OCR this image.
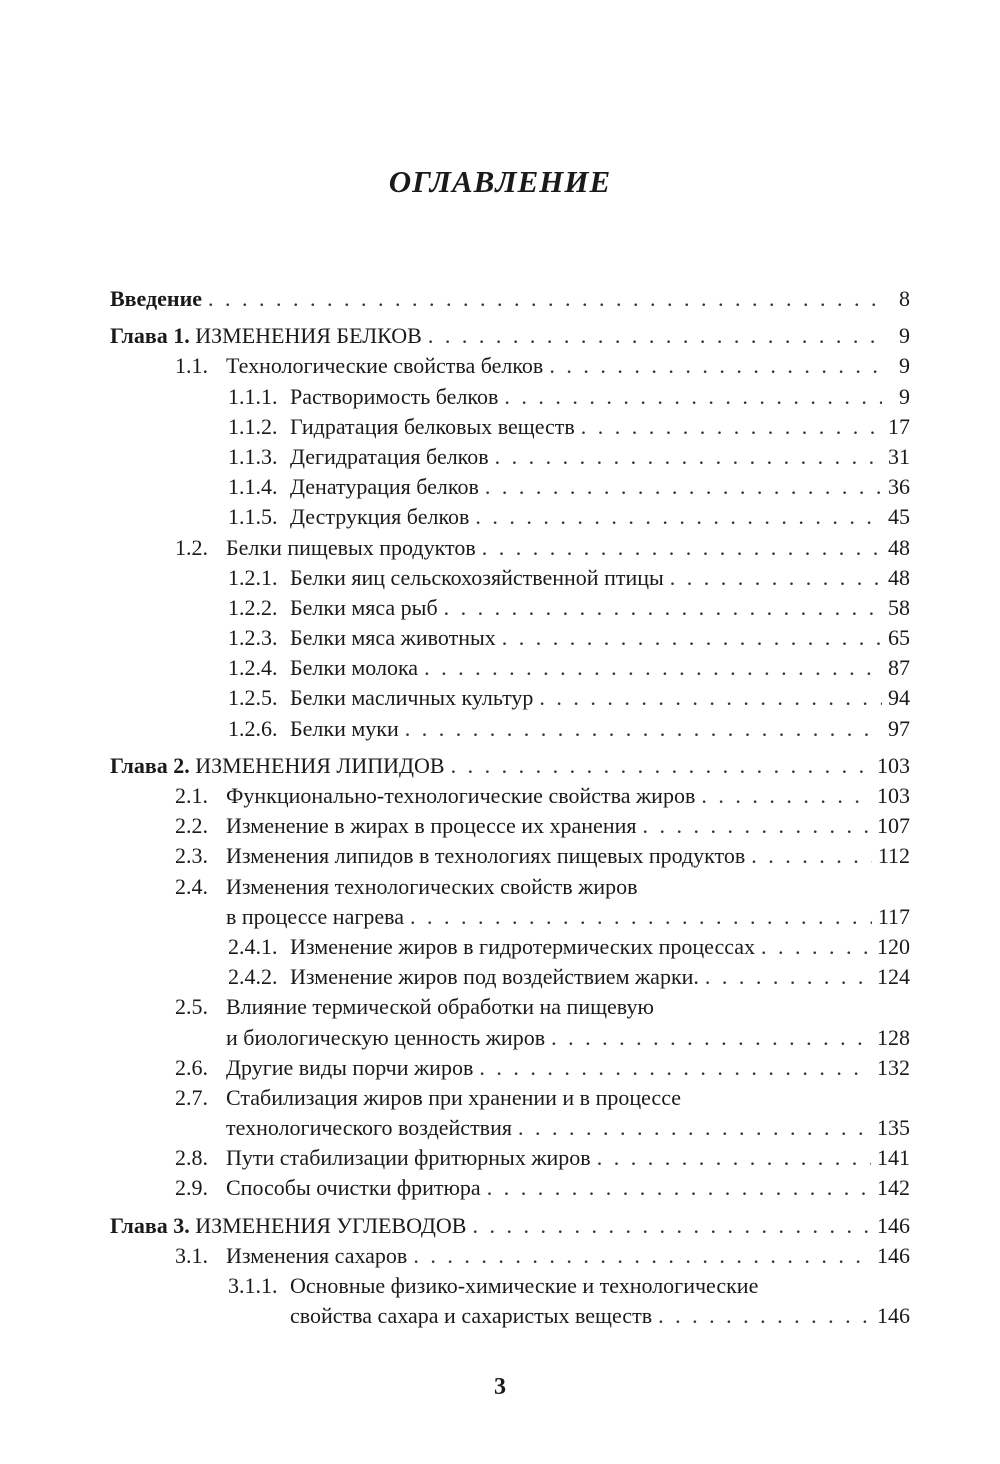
ОГЛАВЛЕНИЕ
Введение . . .	8
Глава 1. ИЗМЕНЕНИЯ БЕЛКОВ . . .	9
1.1. Технологические свойства белков . . .	9
1.1.1. Растворимость белков . . .	9
1.1.2. Гидратация белковых веществ . . .	17
1.1.3. Дегидратация белков . . .	31
1.1.4. Денатурация белков . . .	36
1.1.5. Деструкция белков . . .	45
1.2. Белки пищевых продуктов . . .	48
1.2.1. Белки яиц сельскохозяйственной птицы . . .	48
1.2.2. Белки мяса рыб . . .	58
1.2.3. Белки мяса животных . . .	65
1.2.4. Белки молока . . .	87
1.2.5. Белки масличных культур . . .	94
1.2.6. Белки муки . . .	97
Глава 2. ИЗМЕНЕНИЯ ЛИПИДОВ . . .	103
2.1. Функционально-технологические свойства жиров . . .	103
2.2. Изменение в жирах в процессе их хранения . . .	107
2.3. Изменения липидов в технологиях пищевых продуктов . . .	112
2.4. Изменения технологических свойств жиров
в процессе нагрева . . .	117
2.4.1. Изменение жиров в гидротермических процессах . . .	120
2.4.2. Изменение жиров под воздействием жарки. . . .	124
2.5. Влияние термической обработки на пищевую
и биологическую ценность жиров . . .	128
2.6. Другие виды порчи жиров . . .	132
2.7. Стабилизация жиров при хранении и в процессе
технологического воздействия . . .	135
2.8. Пути стабилизации фритюрных жиров . . .	141
2.9. Способы очистки фритюра . . .	142
Глава 3. ИЗМЕНЕНИЯ УГЛЕВОДОВ . . .	146
3.1. Изменения сахаров . . .	146
3.1.1. Основные физико-химические и технологические
свойства сахара и сахаристых веществ . . .	146
3
